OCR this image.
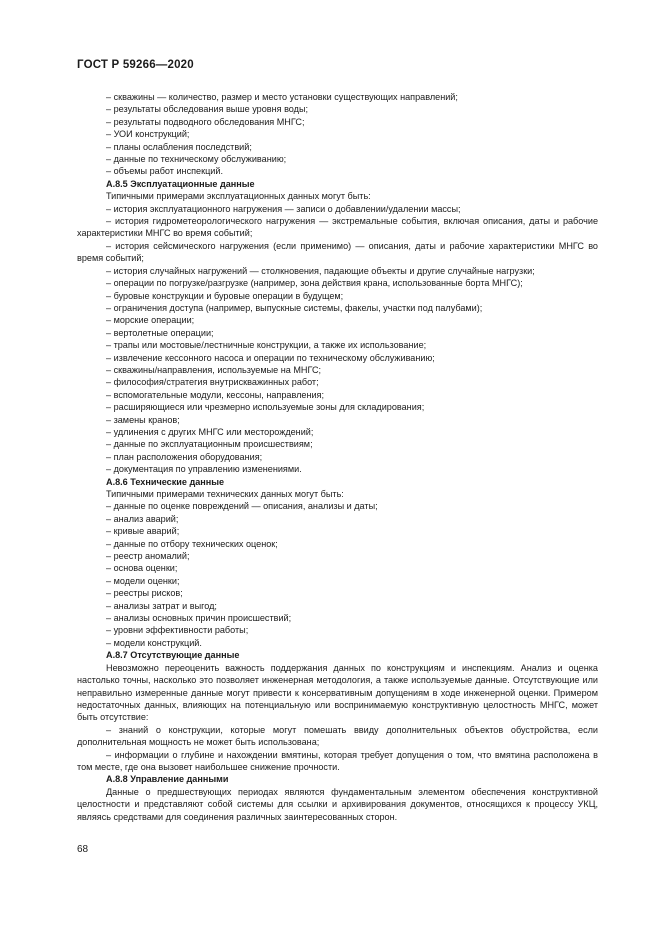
ГОСТ Р 59266—2020

– скважины — количество, размер и место установки существующих направлений;

– результаты обследования выше уровня воды;

– результаты подводного обследования МНГС;

– УОИ конструкций;

– планы ослабления последствий;

– данные по техническому обслуживанию;

– объемы работ инспекций.

А.8.5 Эксплуатационные данные

Типичными примерами эксплуатационных данных могут быть:

– история эксплуатационного нагружения — записи о добавлении/удалении массы;

– история гидрометеорологического нагружения — экстремальные события, включая описания, даты и рабочие характеристики МНГС во время событий;

– история сейсмического нагружения (если применимо) — описания, даты и рабочие характеристики МНГС во время событий;

– история случайных нагружений — столкновения, падающие объекты и другие случайные нагрузки;

– операции по погрузке/разгрузке (например, зона действия крана, использованные борта МНГС);

– буровые конструкции и буровые операции в будущем;

– ограничения доступа (например, выпускные системы, факелы, участки под палубами);

– морские операции;

– вертолетные операции;

– трапы или мостовые/лестничные конструкции, а также их использование;

– извлечение кессонного насоса и операции по техническому обслуживанию;

– скважины/направления, используемые на МНГС;

– философия/стратегия внутрискважинных работ;

– вспомогательные модули, кессоны, направления;

– расширяющиеся или чрезмерно используемые зоны для складирования;

– замены кранов;

– удлинения с других МНГС или месторождений;

– данные по эксплуатационным происшествиям;

– план расположения оборудования;

– документация по управлению изменениями.

А.8.6 Технические данные

Типичными примерами технических данных могут быть:

– данные по оценке повреждений — описания, анализы и даты;

– анализ аварий;

– кривые аварий;

– данные по отбору технических оценок;

– реестр аномалий;

– основа оценки;

– модели оценки;

– реестры рисков;

– анализы затрат и выгод;

– анализы основных причин происшествий;

– уровни эффективности работы;

– модели конструкций.

А.8.7 Отсутствующие данные

Невозможно переоценить важность поддержания данных по конструкциям и инспекциям. Анализ и оценка настолько точны, насколько это позволяет инженерная методология, а также используемые данные. Отсутствующие или неправильно измеренные данные могут привести к консервативным допущениям в ходе инженерной оценки. Примером недостаточных данных, влияющих на потенциальную или воспринимаемую конструктивную целостность МНГС, может быть отсутствие:

– знаний о конструкции, которые могут помешать ввиду дополнительных объектов обустройства, если дополнительная мощность не может быть использована;

– информации о глубине и нахождении вмятины, которая требует допущения о том, что вмятина расположена в том месте, где она вызовет наибольшее снижение прочности.

А.8.8 Управление данными

Данные о предшествующих периодах являются фундаментальным элементом обеспечения конструктивной целостности и представляют собой системы для ссылки и архивирования документов, относящихся к процессу УКЦ, являясь средствами для соединения различных заинтересованных сторон.

68
